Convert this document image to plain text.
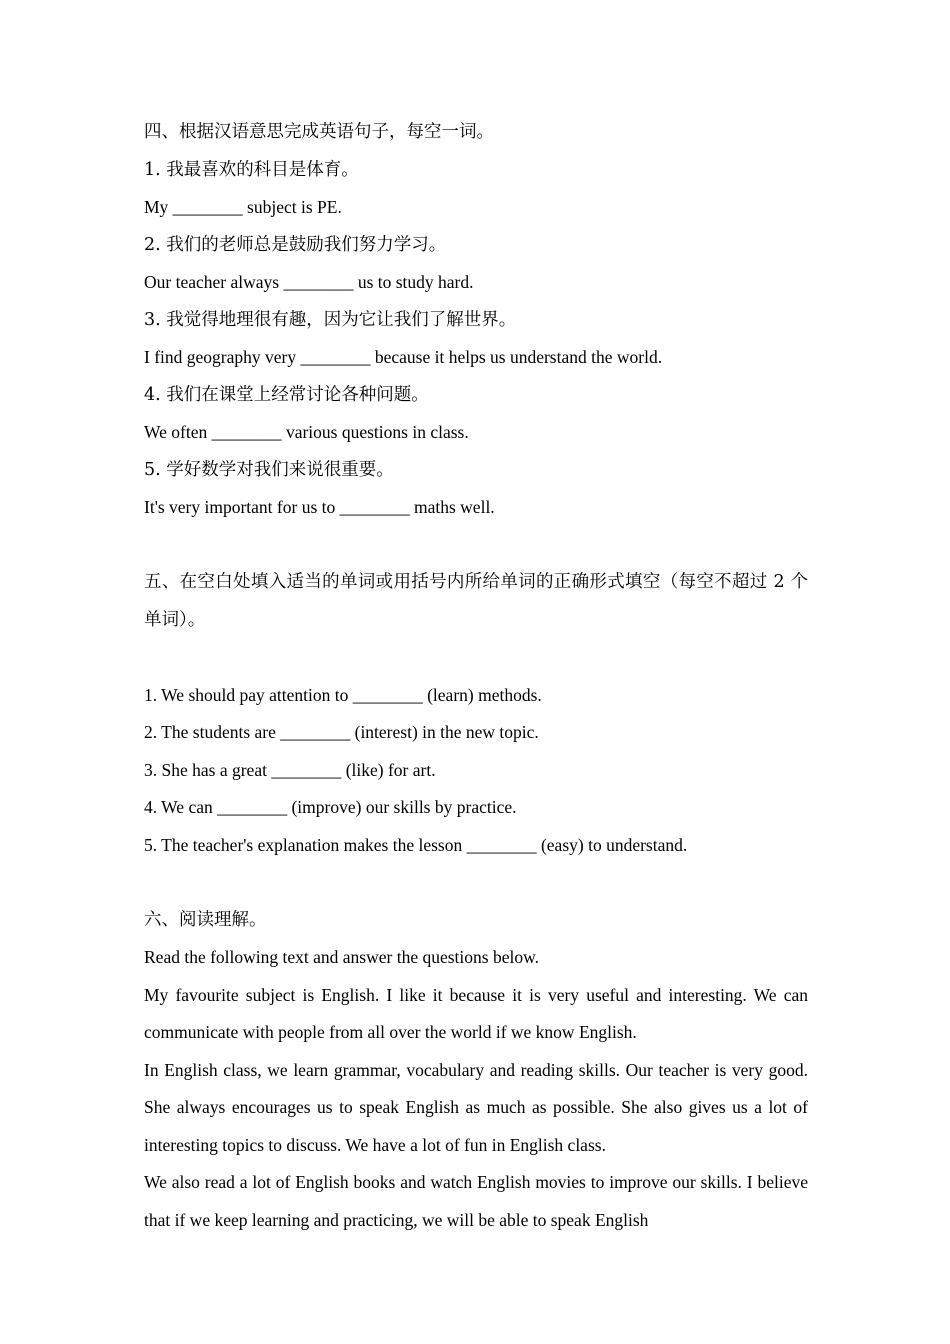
四、根据汉语意思完成英语句子，每空一词。
1. 我最喜欢的科目是体育。
My ________ subject is PE.
2. 我们的老师总是鼓励我们努力学习。
Our teacher always ________ us to study hard.
3. 我觉得地理很有趣，因为它让我们了解世界。
I find geography very ________ because it helps us understand the world.
4. 我们在课堂上经常讨论各种问题。
We often ________ various questions in class.
5. 学好数学对我们来说很重要。
It's very important for us to ________ maths well.
五、在空白处填入适当的单词或用括号内所给单词的正确形式填空（每空不超过 2 个单词）。
1. We should pay attention to ________ (learn) methods.
2. The students are ________ (interest) in the new topic.
3. She has a great ________ (like) for art.
4. We can ________ (improve) our skills by practice.
5. The teacher's explanation makes the lesson ________ (easy) to understand.
六、阅读理解。
Read the following text and answer the questions below.
My favourite subject is English. I like it because it is very useful and interesting. We can communicate with people from all over the world if we know English.
In English class, we learn grammar, vocabulary and reading skills. Our teacher is very good. She always encourages us to speak English as much as possible. She also gives us a lot of interesting topics to discuss. We have a lot of fun in English class.
We also read a lot of English books and watch English movies to improve our skills. I believe that if we keep learning and practicing, we will be able to speak English
